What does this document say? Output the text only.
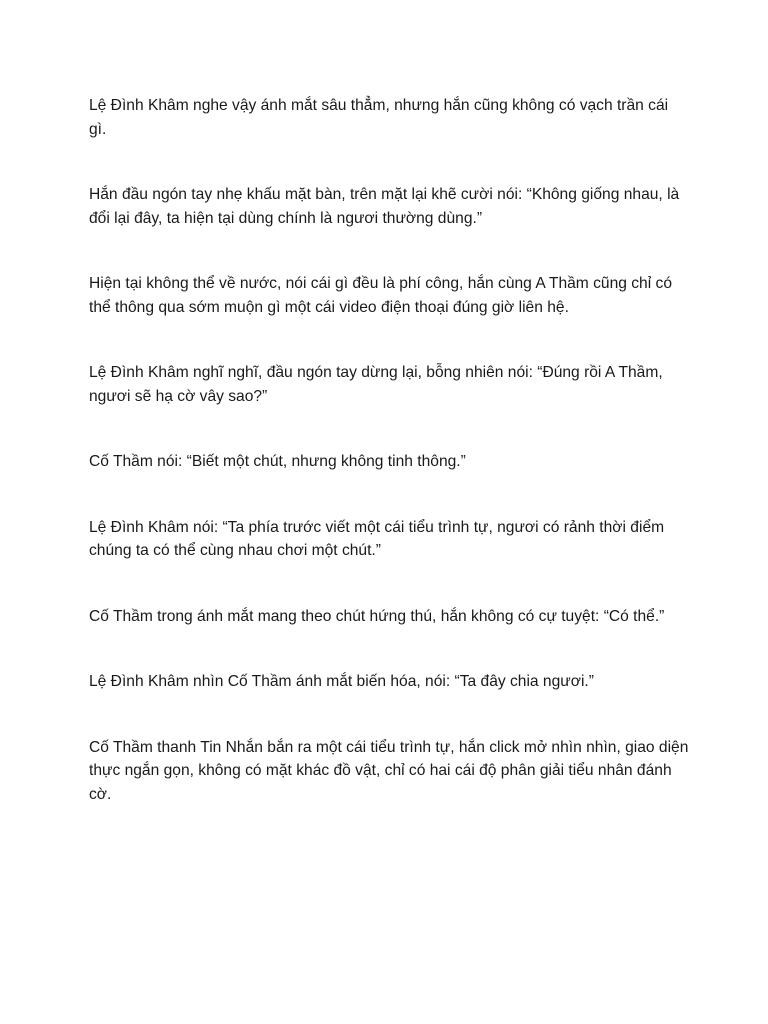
Lệ Đình Khâm nghe vậy ánh mắt sâu thẳm, nhưng hắn cũng không có vạch trần cái gì.

Hắn đầu ngón tay nhẹ khấu mặt bàn, trên mặt lại khẽ cười nói: “Không giống nhau, là đổi lại đây, ta hiện tại dùng chính là ngươi thường dùng.”

Hiện tại không thể về nước, nói cái gì đều là phí công, hắn cùng A Thầm cũng chỉ có thể thông qua sớm muộn gì một cái video điện thoại đúng giờ liên hệ.

Lệ Đình Khâm nghĩ nghĩ, đầu ngón tay dừng lại, bỗng nhiên nói: “Đúng rồi A Thầm, ngươi sẽ hạ cờ vây sao?”

Cố Thầm nói: “Biết một chút, nhưng không tinh thông.”

Lệ Đình Khâm nói: “Ta phía trước viết một cái tiểu trình tự, ngươi có rảnh thời điểm chúng ta có thể cùng nhau chơi một chút.”

Cố Thầm trong ánh mắt mang theo chút hứng thú, hắn không có cự tuyệt: “Có thể.”

Lệ Đình Khâm nhìn Cố Thầm ánh mắt biến hóa, nói: “Ta đây chia ngươi.”

Cố Thầm thanh Tin Nhắn bắn ra một cái tiểu trình tự, hắn click mở nhìn nhìn, giao diện thực ngắn gọn, không có mặt khác đồ vật, chỉ có hai cái độ phân giải tiểu nhân đánh cờ.
